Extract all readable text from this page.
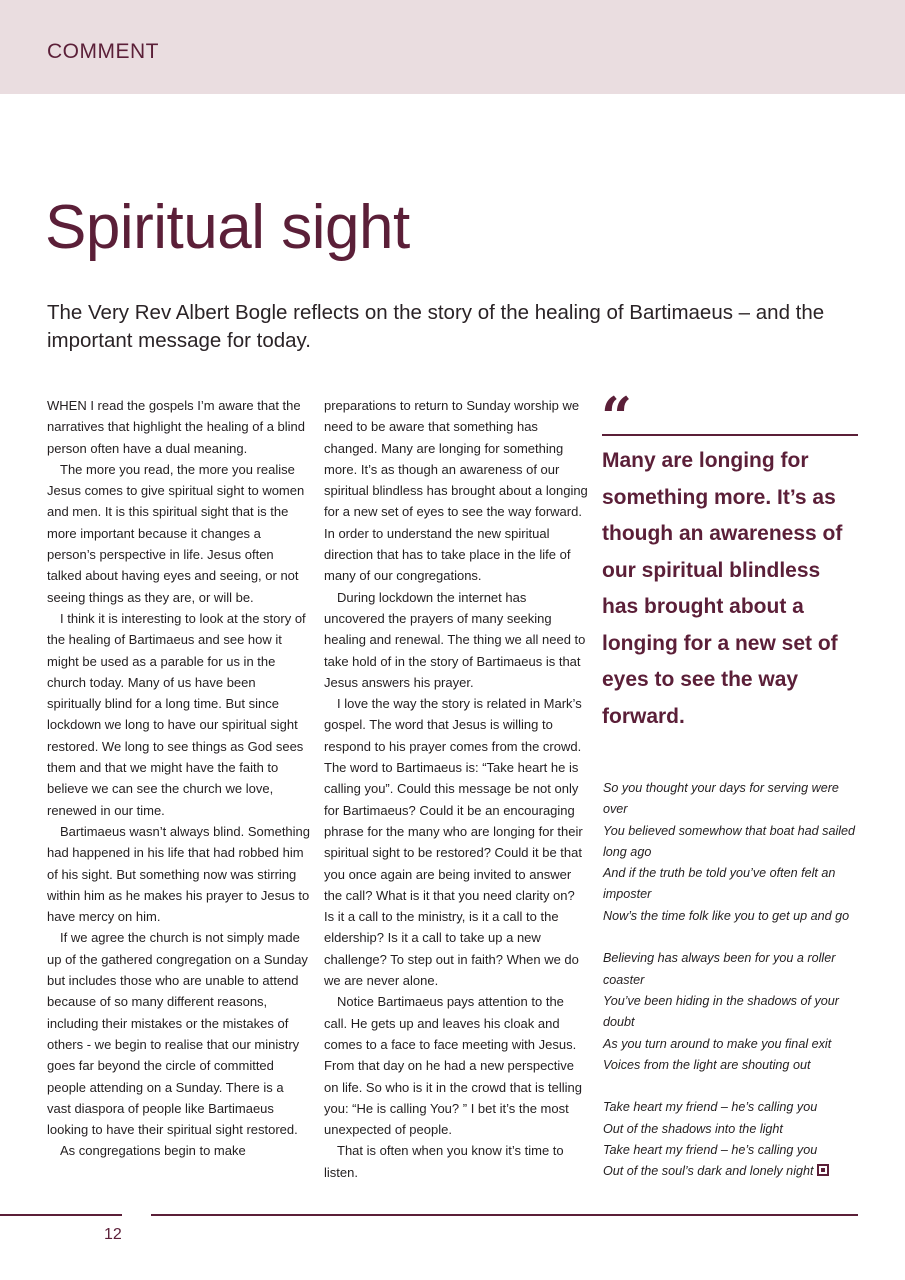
COMMENT
Spiritual sight

The Very Rev Albert Bogle reflects on the story of the healing of Bartimaeus – and the important message for today.

WHEN I read the gospels I’m aware that the narratives that highlight the healing of a blind person often have a dual meaning.

The more you read, the more you realise Jesus comes to give spiritual sight to women and men. It is this spiritual sight that is the more important because it changes a person’s perspective in life. Jesus often talked about having eyes and seeing, or not seeing things as they are, or will be.

I think it is interesting to look at the story of the healing of Bartimaeus and see how it might be used as a parable for us in the church today. Many of us have been spiritually blind for a long time. But since lockdown we long to have our spiritual sight restored. We long to see things as God sees them and that we might have the faith to believe we can see the church we love, renewed in our time.

Bartimaeus wasn’t always blind. Something had happened in his life that had robbed him of his sight. But something now was stirring within him as he makes his prayer to Jesus to have mercy on him.

If we agree the church is not simply made up of the gathered congregation on a Sunday but includes those who are unable to attend because of so many different reasons, including their mistakes or the mistakes of others - we begin to realise that our ministry goes far beyond the circle of committed people attending on a Sunday. There is a vast diaspora of people like Bartimaeus looking to have their spiritual sight restored.

As congregations begin to make

preparations to return to Sunday worship we need to be aware that something has changed. Many are longing for something more. It’s as though an awareness of our spiritual blindless has brought about a longing for a new set of eyes to see the way forward. In order to understand the new spiritual direction that has to take place in the life of many of our congregations.

During lockdown the internet has uncovered the prayers of many seeking healing and renewal. The thing we all need to take hold of in the story of Bartimaeus is that Jesus answers his prayer.

I love the way the story is related in Mark’s gospel. The word that Jesus is willing to respond to his prayer comes from the crowd. The word to Bartimaeus is: “Take heart he is calling you”. Could this message be not only for Bartimaeus? Could it be an encouraging phrase for the many who are longing for their spiritual sight to be restored? Could it be that you once again are being invited to answer the call? What is it that you need clarity on? Is it a call to the ministry, is it a call to the eldership? Is it a call to take up a new challenge? To step out in faith? When we do we are never alone.

Notice Bartimaeus pays attention to the call. He gets up and leaves his cloak and comes to a face to face meeting with Jesus. From that day on he had a new perspective on life. So who is it in the crowd that is telling you: “He is calling You? ” I bet it’s the most unexpected of people.

That is often when you know it’s time to listen.

“

Many are longing for something more. It’s as though an awareness of our spiritual blindless has brought about a longing for a new set of eyes to see the way forward.

So you thought your days for serving were over
You believed somewhow that boat had sailed long ago
And if the truth be told you’ve often felt an imposter
Now’s the time folk like you to get up and go
Believing has always been for you a roller coaster
You’ve been hiding in the shadows of your doubt
As you turn around to make you final exit
Voices from the light are shouting out
Take heart my friend – he’s calling you
Out of the shadows into the light
Take heart my friend – he’s calling you
Out of the soul’s dark and lonely night
12
